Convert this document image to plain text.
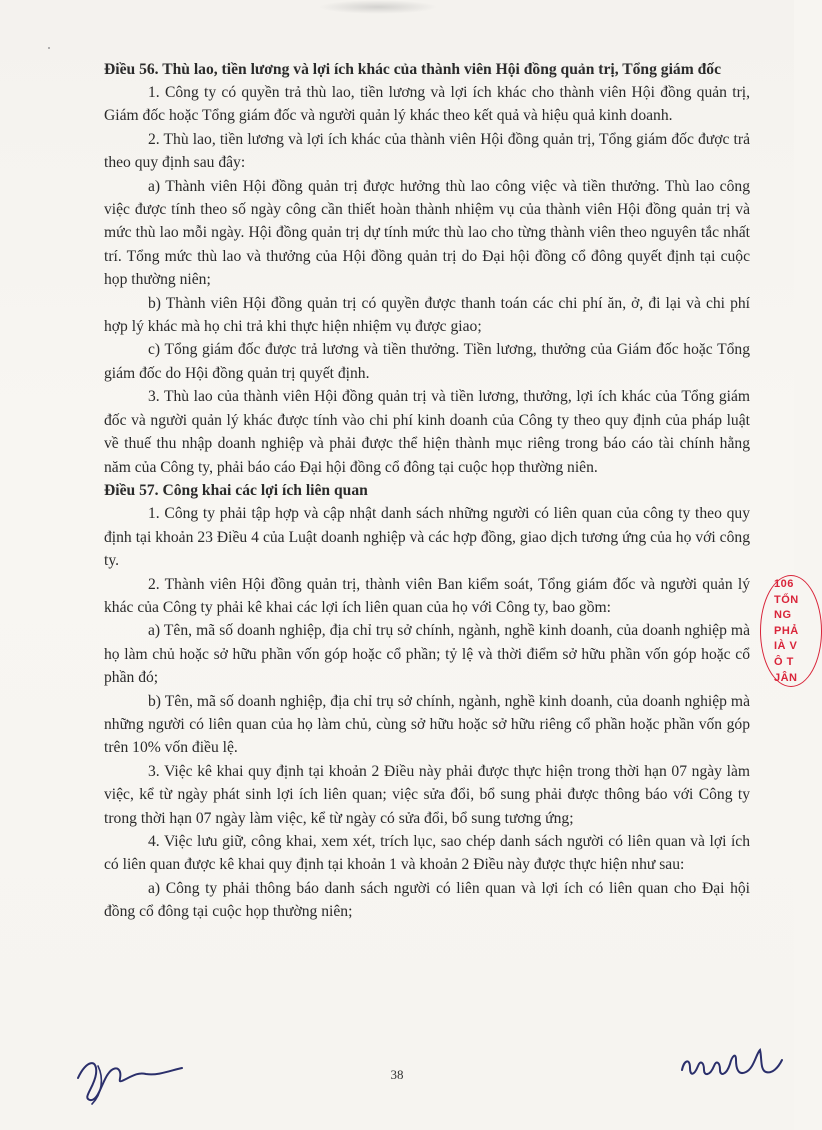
Điều 56. Thù lao, tiền lương và lợi ích khác của thành viên Hội đồng quản trị, Tổng giám đốc

1. Công ty có quyền trả thù lao, tiền lương và lợi ích khác cho thành viên Hội đồng quản trị, Giám đốc hoặc Tổng giám đốc và người quản lý khác theo kết quả và hiệu quả kinh doanh.

2. Thù lao, tiền lương và lợi ích khác của thành viên Hội đồng quản trị, Tổng giám đốc được trả theo quy định sau đây:

a) Thành viên Hội đồng quản trị được hưởng thù lao công việc và tiền thưởng. Thù lao công việc được tính theo số ngày công cần thiết hoàn thành nhiệm vụ của thành viên Hội đồng quản trị và mức thù lao mỗi ngày. Hội đồng quản trị dự tính mức thù lao cho từng thành viên theo nguyên tắc nhất trí. Tổng mức thù lao và thưởng của Hội đồng quản trị do Đại hội đồng cổ đông quyết định tại cuộc họp thường niên;

b) Thành viên Hội đồng quản trị có quyền được thanh toán các chi phí ăn, ở, đi lại và chi phí hợp lý khác mà họ chi trả khi thực hiện nhiệm vụ được giao;

c) Tổng giám đốc được trả lương và tiền thưởng. Tiền lương, thưởng của Giám đốc hoặc Tổng giám đốc do Hội đồng quản trị quyết định.

3. Thù lao của thành viên Hội đồng quản trị và tiền lương, thưởng, lợi ích khác của Tổng giám đốc và người quản lý khác được tính vào chi phí kinh doanh của Công ty theo quy định của pháp luật về thuế thu nhập doanh nghiệp và phải được thể hiện thành mục riêng trong báo cáo tài chính hằng năm của Công ty, phải báo cáo Đại hội đồng cổ đông tại cuộc họp thường niên.

Điều 57. Công khai các lợi ích liên quan

1. Công ty phải tập hợp và cập nhật danh sách những người có liên quan của công ty theo quy định tại khoản 23 Điều 4 của Luật doanh nghiệp và các hợp đồng, giao dịch tương ứng của họ với công ty.

2. Thành viên Hội đồng quản trị, thành viên Ban kiểm soát, Tổng giám đốc và người quản lý khác của Công ty phải kê khai các lợi ích liên quan của họ với Công ty, bao gồm:

a) Tên, mã số doanh nghiệp, địa chỉ trụ sở chính, ngành, nghề kinh doanh, của doanh nghiệp mà họ làm chủ hoặc sở hữu phần vốn góp hoặc cổ phần; tỷ lệ và thời điểm sở hữu phần vốn góp hoặc cổ phần đó;

b) Tên, mã số doanh nghiệp, địa chỉ trụ sở chính, ngành, nghề kinh doanh, của doanh nghiệp mà những người có liên quan của họ làm chủ, cùng sở hữu hoặc sở hữu riêng cổ phần hoặc phần vốn góp trên 10% vốn điều lệ.

3. Việc kê khai quy định tại khoản 2 Điều này phải được thực hiện trong thời hạn 07 ngày làm việc, kể từ ngày phát sinh lợi ích liên quan; việc sửa đổi, bổ sung phải được thông báo với Công ty trong thời hạn 07 ngày làm việc, kể từ ngày có sửa đổi, bổ sung tương ứng;

4. Việc lưu giữ, công khai, xem xét, trích lục, sao chép danh sách người có liên quan và lợi ích có liên quan được kê khai quy định tại khoản 1 và khoản 2 Điều này được thực hiện như sau:

a) Công ty phải thông báo danh sách người có liên quan và lợi ích có liên quan cho Đại hội đồng cổ đông tại cuộc họp thường niên;

106
TỔN
NG
PHẢ
IÀ V
Ô T
JÂN
38
